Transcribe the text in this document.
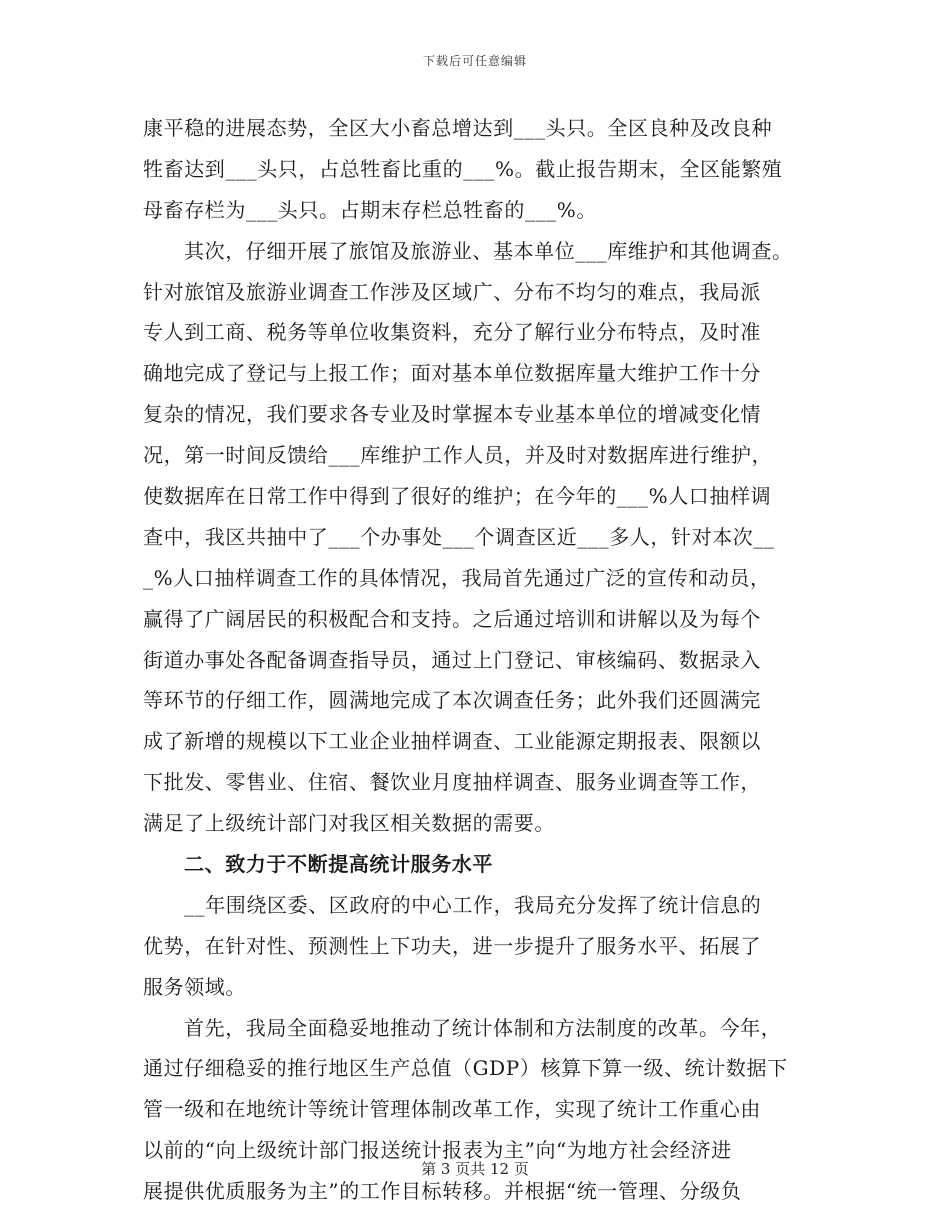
下载后可任意编辑
康平稳的进展态势，全区大小畜总增达到___头只。全区良种及改良种
牲畜达到___头只，占总牲畜比重的___%。截止报告期末，全区能繁殖
母畜存栏为___头只。占期末存栏总牲畜的___%。
其次，仔细开展了旅馆及旅游业、基本单位___库维护和其他调查。
针对旅馆及旅游业调查工作涉及区域广、分布不均匀的难点，我局派
专人到工商、税务等单位收集资料，充分了解行业分布特点，及时准
确地完成了登记与上报工作；面对基本单位数据库量大维护工作十分
复杂的情况，我们要求各专业及时掌握本专业基本单位的增减变化情
况，第一时间反馈给___库维护工作人员，并及时对数据库进行维护，
使数据库在日常工作中得到了很好的维护；在今年的___%人口抽样调
查中，我区共抽中了___个办事处___个调查区近___多人，针对本次__
_%人口抽样调查工作的具体情况，我局首先通过广泛的宣传和动员，
赢得了广阔居民的积极配合和支持。之后通过培训和讲解以及为每个
街道办事处各配备调查指导员，通过上门登记、审核编码、数据录入
等环节的仔细工作，圆满地完成了本次调查任务；此外我们还圆满完
成了新增的规模以下工业企业抽样调查、工业能源定期报表、限额以
下批发、零售业、住宿、餐饮业月度抽样调查、服务业调查等工作，
满足了上级统计部门对我区相关数据的需要。
二、致力于不断提高统计服务水平
__年围绕区委、区政府的中心工作，我局充分发挥了统计信息的
优势，在针对性、预测性上下功夫，进一步提升了服务水平、拓展了
服务领域。
首先，我局全面稳妥地推动了统计体制和方法制度的改革。今年，
通过仔细稳妥的推行地区生产总值（GDP）核算下算一级、统计数据下
管一级和在地统计等统计管理体制改革工作，实现了统计工作重心由
以前的“向上级统计部门报送统计报表为主”向“为地方社会经济进
展提供优质服务为主”的工作目标转移。并根据“统一管理、分级负
第 3 页共 12 页
